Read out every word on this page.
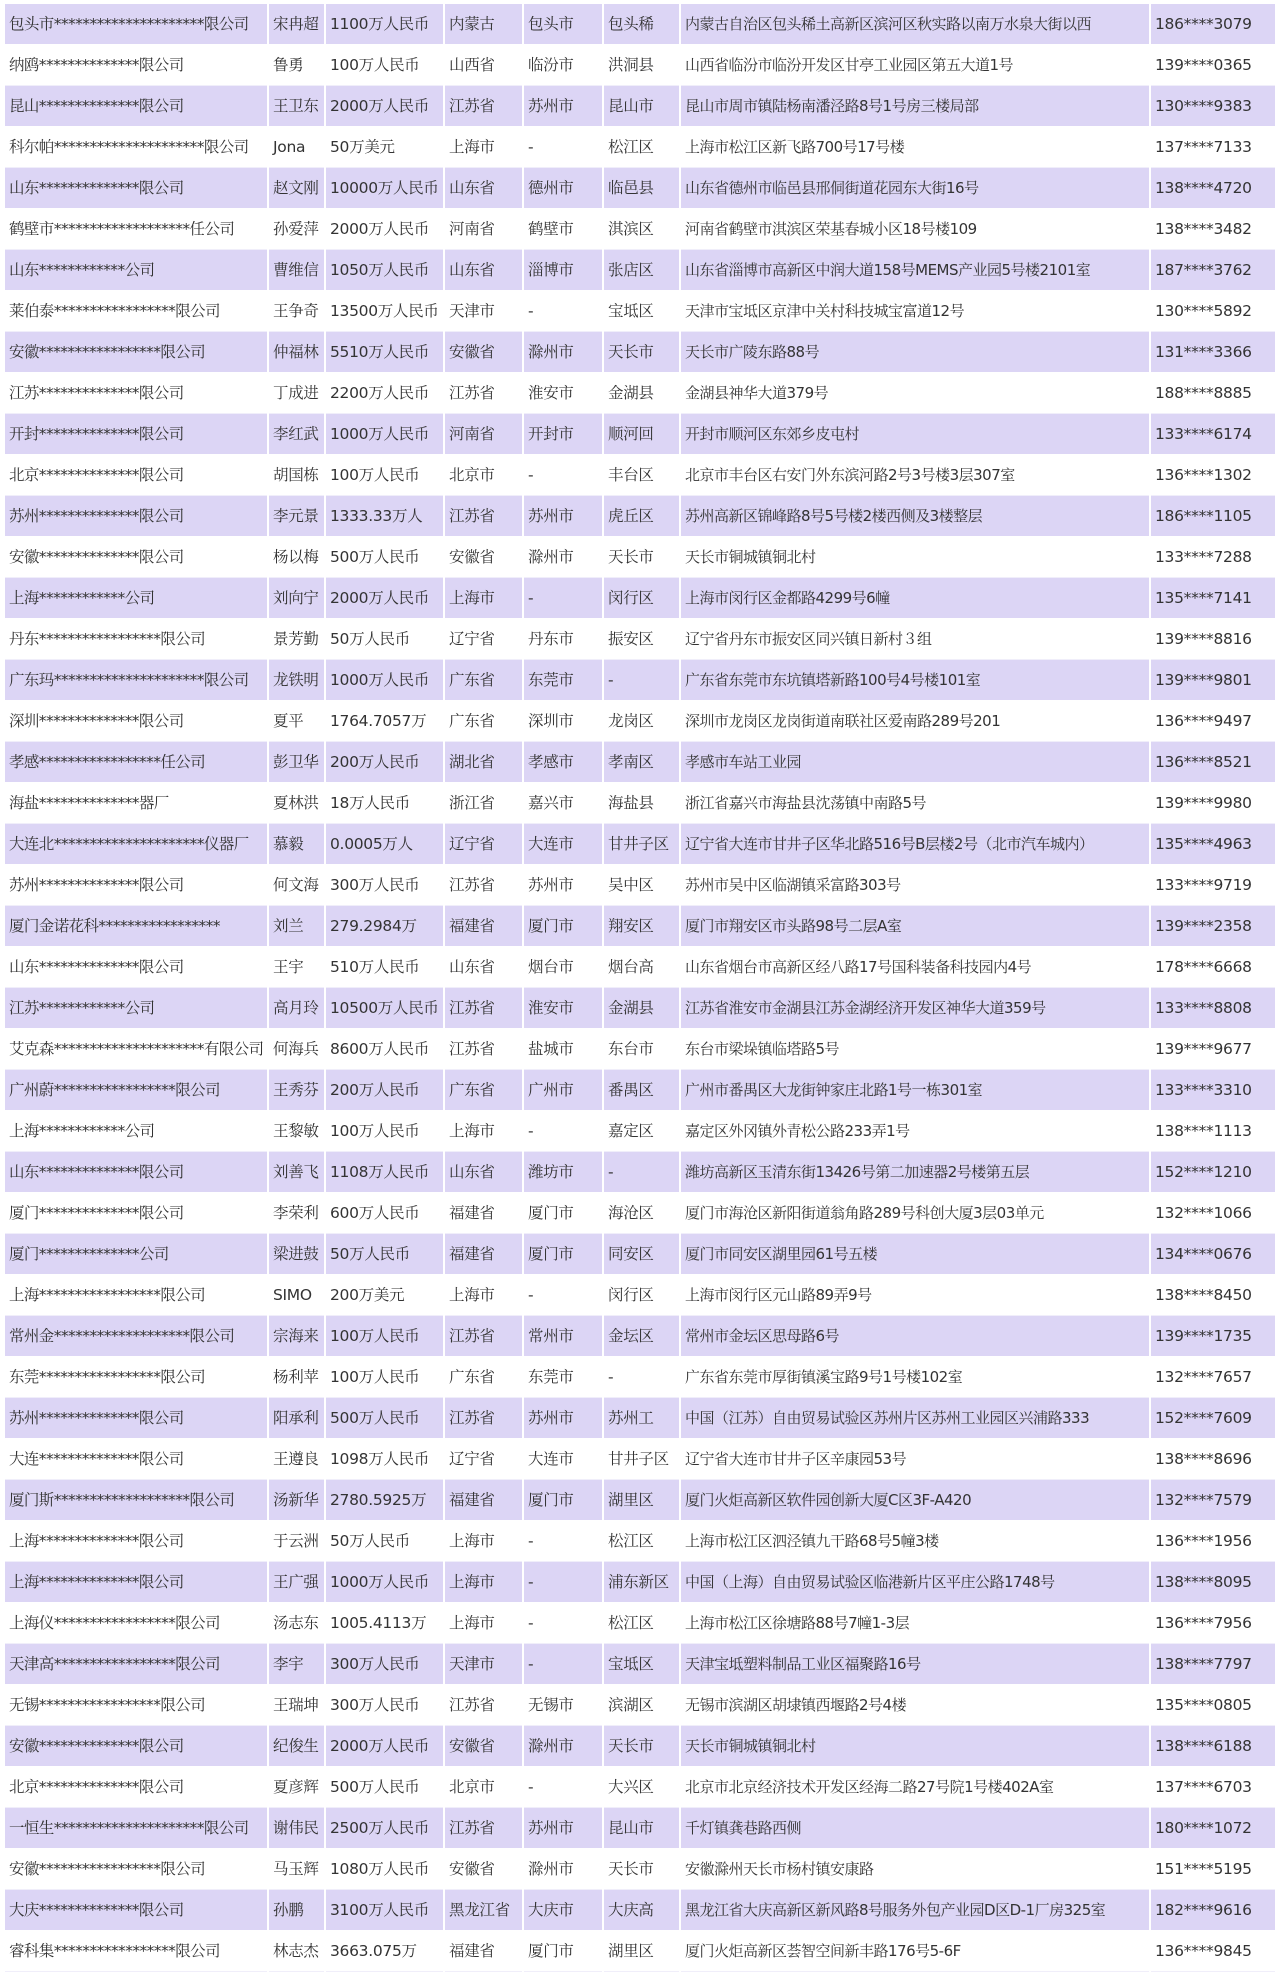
包头市*********************限公司	宋冉超	1100万人民币	内蒙古	包头市	包头稀	内蒙古自治区包头稀土高新区滨河区秋实路以南万水泉大街以西	186****3079
纳鸥**************限公司	鲁勇	100万人民币	山西省	临汾市	洪洞县	山西省临汾市临汾开发区甘亭工业园区第五大道1号	139****0365
昆山**************限公司	王卫东	2000万人民币	江苏省	苏州市	昆山市	昆山市周市镇陆杨南潘泾路8号1号房三楼局部	130****9383
科尔帕*********************限公司	Jona	50万美元	上海市	-	松江区	上海市松江区新飞路700号17号楼	137****7133
山东**************限公司	赵文刚	10000万人民币	山东省	德州市	临邑县	山东省德州市临邑县邢侗街道花园东大街16号	138****4720
鹤壁市*******************任公司	孙爱萍	2000万人民币	河南省	鹤壁市	淇滨区	河南省鹤壁市淇滨区荣基春城小区18号楼109	138****3482
山东************公司	曹维信	1050万人民币	山东省	淄博市	张店区	山东省淄博市高新区中润大道158号MEMS产业园5号楼2101室	187****3762
莱伯泰*****************限公司	王争奇	13500万人民币	天津市	-	宝坻区	天津市宝坻区京津中关村科技城宝富道12号	130****5892
安徽*****************限公司	仲福林	5510万人民币	安徽省	滁州市	天长市	天长市广陵东路88号	131****3366
江苏**************限公司	丁成进	2200万人民币	江苏省	淮安市	金湖县	金湖县神华大道379号	188****8885
开封**************限公司	李红武	1000万人民币	河南省	开封市	顺河回	开封市顺河区东郊乡皮屯村	133****6174
北京**************限公司	胡国栋	100万人民币	北京市	-	丰台区	北京市丰台区右安门外东滨河路2号3号楼3层307室	136****1302
苏州**************限公司	李元景	1333.33万人	江苏省	苏州市	虎丘区	苏州高新区锦峰路8号5号楼2楼西侧及3楼整层	186****1105
安徽**************限公司	杨以梅	500万人民币	安徽省	滁州市	天长市	天长市铜城镇铜北村	133****7288
上海************公司	刘向宁	2000万人民币	上海市	-	闵行区	上海市闵行区金都路4299号6幢	135****7141
丹东*****************限公司	景芳勤	50万人民币	辽宁省	丹东市	振安区	辽宁省丹东市振安区同兴镇日新村３组	139****8816
广东玛*********************限公司	龙铁明	1000万人民币	广东省	东莞市	-	广东省东莞市东坑镇塔新路100号4号楼101室	139****9801
深圳**************限公司	夏平	1764.7057万	广东省	深圳市	龙岗区	深圳市龙岗区龙岗街道南联社区爱南路289号201	136****9497
孝感*****************任公司	彭卫华	200万人民币	湖北省	孝感市	孝南区	孝感市车站工业园	136****8521
海盐**************器厂	夏林洪	18万人民币	浙江省	嘉兴市	海盐县	浙江省嘉兴市海盐县沈荡镇中南路5号	139****9980
大连北*********************仪器厂	慕毅	0.0005万人	辽宁省	大连市	甘井子区	辽宁省大连市甘井子区华北路516号B层楼2号（北市汽车城内）	135****4963
苏州**************限公司	何文海	300万人民币	江苏省	苏州市	吴中区	苏州市吴中区临湖镇采富路303号	133****9719
厦门金诺花科*****************	刘兰	279.2984万	福建省	厦门市	翔安区	厦门市翔安区市头路98号二层A室	139****2358
山东**************限公司	王宇	510万人民币	山东省	烟台市	烟台高	山东省烟台市高新区经八路17号国科装备科技园内4号	178****6668
江苏************公司	高月玲	10500万人民币	江苏省	淮安市	金湖县	江苏省淮安市金湖县江苏金湖经济开发区神华大道359号	133****8808
艾克森*********************有限公司	何海兵	8600万人民币	江苏省	盐城市	东台市	东台市梁垛镇临塔路5号	139****9677
广州蔚*****************限公司	王秀芬	200万人民币	广东省	广州市	番禺区	广州市番禺区大龙街钟家庄北路1号一栋301室	133****3310
上海************公司	王黎敏	100万人民币	上海市	-	嘉定区	嘉定区外冈镇外青松公路233弄1号	138****1113
山东**************限公司	刘善飞	1108万人民币	山东省	潍坊市	-	潍坊高新区玉清东街13426号第二加速器2号楼第五层	152****1210
厦门**************限公司	李荣利	600万人民币	福建省	厦门市	海沧区	厦门市海沧区新阳街道翁角路289号科创大厦3层03单元	132****1066
厦门**************公司	梁进鼓	50万人民币	福建省	厦门市	同安区	厦门市同安区湖里园61号五楼	134****0676
上海*****************限公司	SIMO	200万美元	上海市	-	闵行区	上海市闵行区元山路89弄9号	138****8450
常州金*******************限公司	宗海来	100万人民币	江苏省	常州市	金坛区	常州市金坛区思母路6号	139****1735
东莞*****************限公司	杨利苹	100万人民币	广东省	东莞市	-	广东省东莞市厚街镇溪宝路9号1号楼102室	132****7657
苏州**************限公司	阳承利	500万人民币	江苏省	苏州市	苏州工	中国（江苏）自由贸易试验区苏州片区苏州工业园区兴浦路333	152****7609
大连**************限公司	王遵良	1098万人民币	辽宁省	大连市	甘井子区	辽宁省大连市甘井子区辛康园53号	138****8696
厦门斯*******************限公司	汤新华	2780.5925万	福建省	厦门市	湖里区	厦门火炬高新区软件园创新大厦C区3F-A420	132****7579
上海**************限公司	于云洲	50万人民币	上海市	-	松江区	上海市松江区泗泾镇九干路68号5幢3楼	136****1956
上海**************限公司	王广强	1000万人民币	上海市	-	浦东新区	中国（上海）自由贸易试验区临港新片区平庄公路1748号	138****8095
上海仪*****************限公司	汤志东	1005.4113万	上海市	-	松江区	上海市松江区徐塘路88号7幢1-3层	136****7956
天津高*****************限公司	李宇	300万人民币	天津市	-	宝坻区	天津宝坻塑料制品工业区福聚路16号	138****7797
无锡*****************限公司	王瑞坤	300万人民币	江苏省	无锡市	滨湖区	无锡市滨湖区胡埭镇西堰路2号4楼	135****0805
安徽**************限公司	纪俊生	2000万人民币	安徽省	滁州市	天长市	天长市铜城镇铜北村	138****6188
北京**************限公司	夏彦辉	500万人民币	北京市	-	大兴区	北京市北京经济技术开发区经海二路27号院1号楼402A室	137****6703
一恒生*********************限公司	谢伟民	2500万人民币	江苏省	苏州市	昆山市	千灯镇龚巷路西侧	180****1072
安徽*****************限公司	马玉辉	1080万人民币	安徽省	滁州市	天长市	安徽滁州天长市杨村镇安康路	151****5195
大庆**************限公司	孙鹏	3100万人民币	黑龙江省	大庆市	大庆高	黑龙江省大庆高新区新风路8号服务外包产业园D区D-1厂房325室	182****9616
睿科集*****************限公司	林志杰	3663.075万	福建省	厦门市	湖里区	厦门火炬高新区荟智空间新丰路176号5-6F	136****9845
